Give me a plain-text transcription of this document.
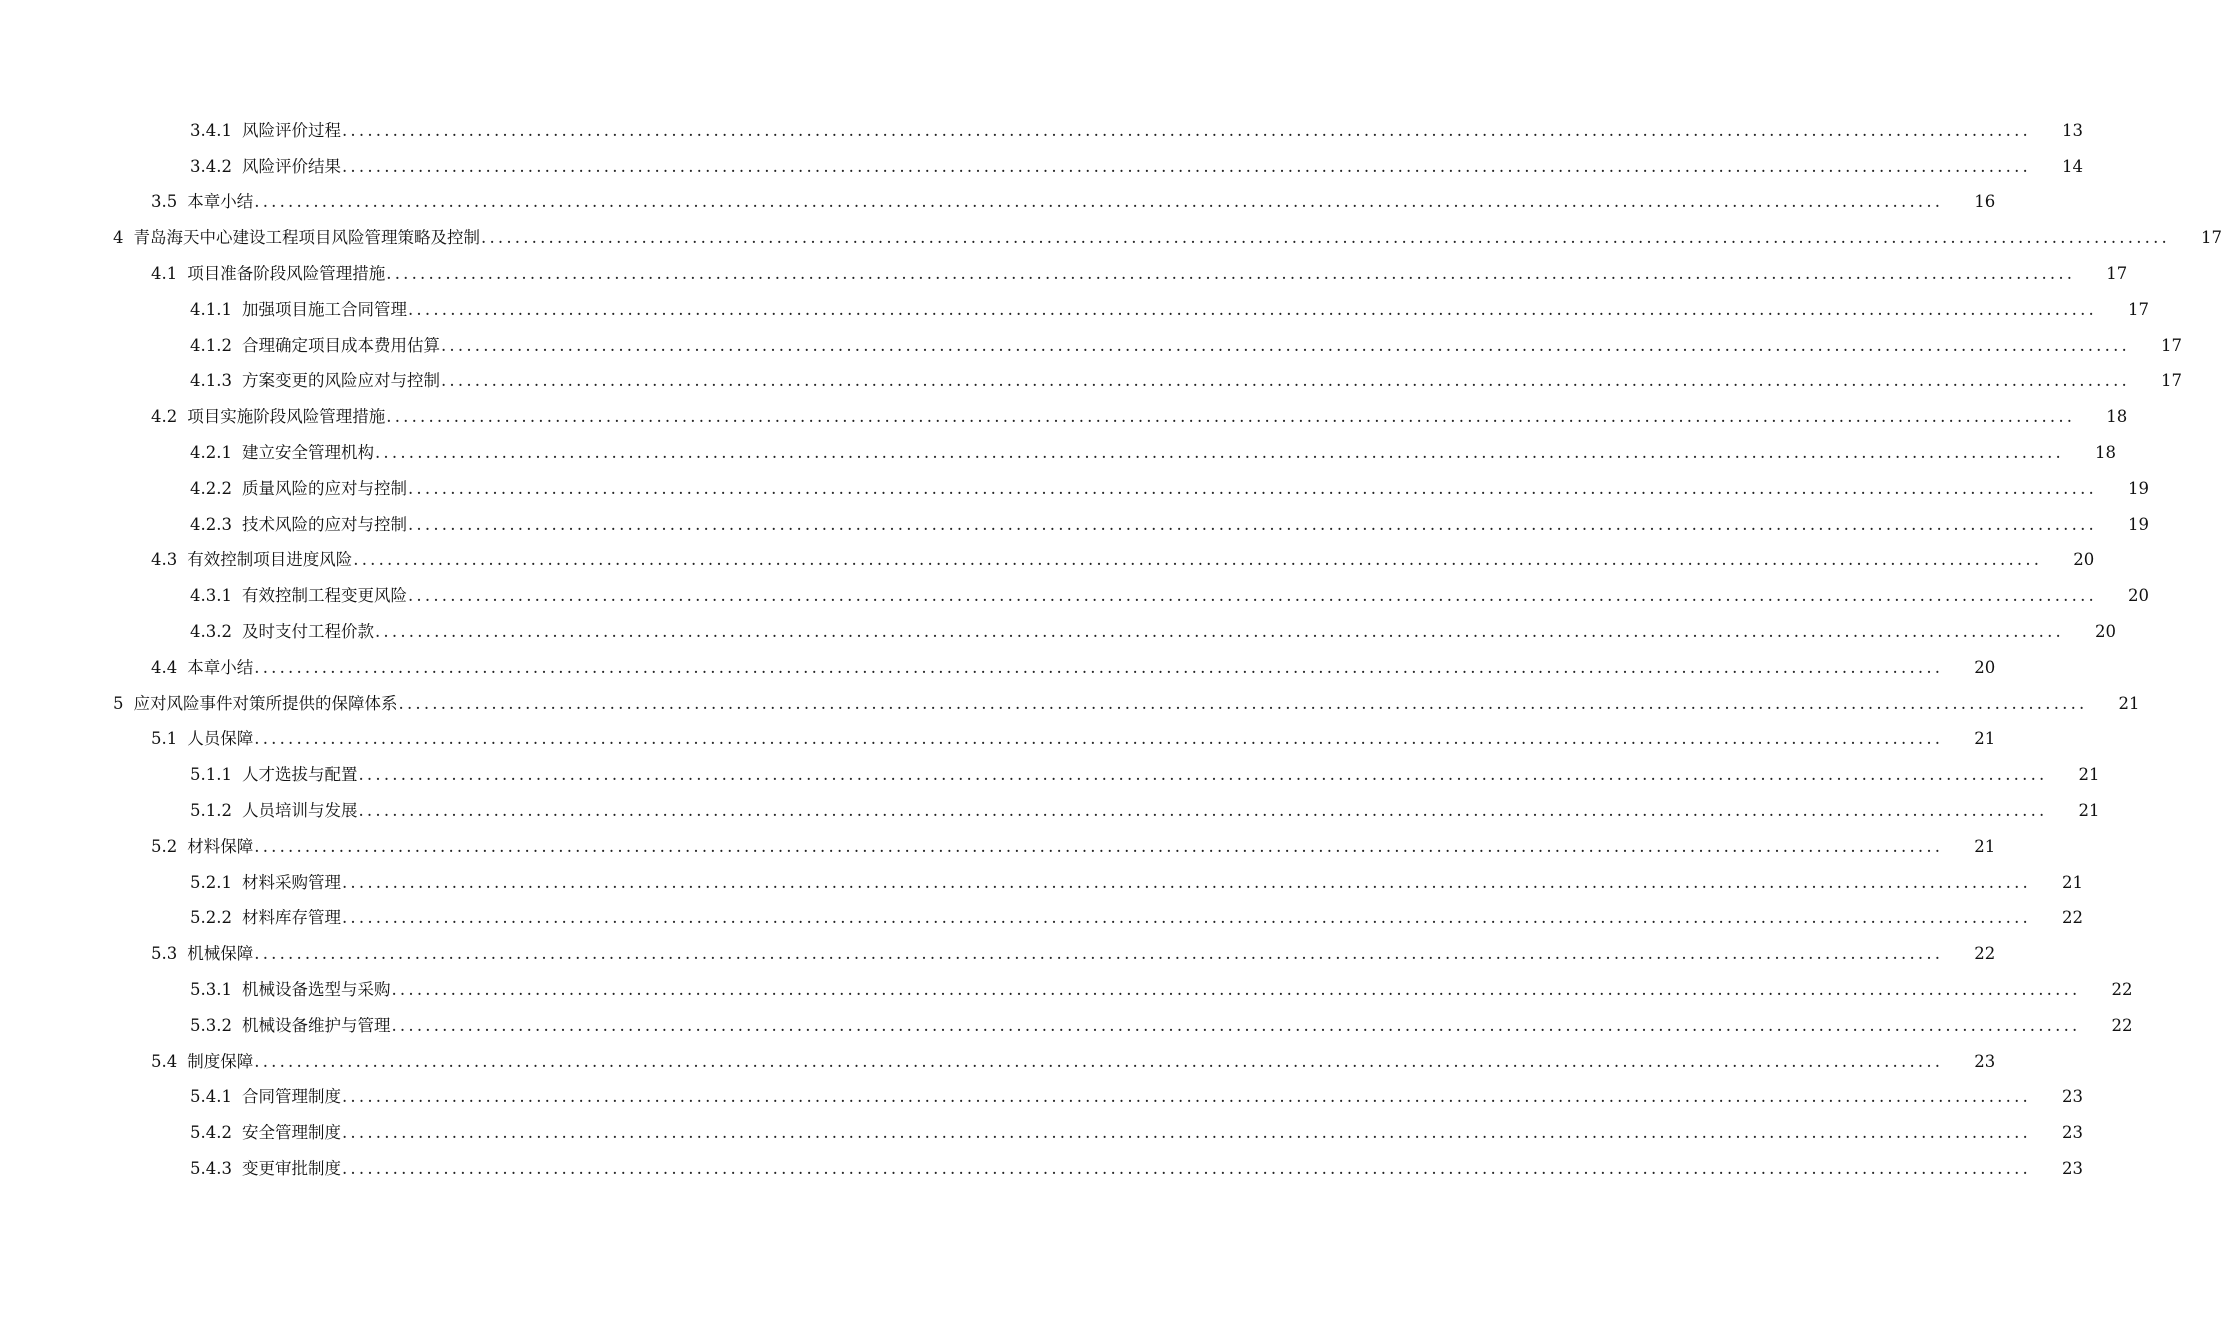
3.4.1 风险评价过程 ........................................................................................................................................................................................................	13
3.4.2 风险评价结果 ........................................................................................................................................................................................................	14
3.5 本章小结 ........................................................................................................................................................................................................	16
4 青岛海天中心建设工程项目风险管理策略及控制 ........................................................................................................................................................................................................	17
4.1 项目准备阶段风险管理措施 ........................................................................................................................................................................................................	17
4.1.1 加强项目施工合同管理 ........................................................................................................................................................................................................	17
4.1.2 合理确定项目成本费用估算 ........................................................................................................................................................................................................	17
4.1.3 方案变更的风险应对与控制 ........................................................................................................................................................................................................	17
4.2 项目实施阶段风险管理措施 ........................................................................................................................................................................................................	18
4.2.1 建立安全管理机构 ........................................................................................................................................................................................................	18
4.2.2 质量风险的应对与控制 ........................................................................................................................................................................................................	19
4.2.3 技术风险的应对与控制 ........................................................................................................................................................................................................	19
4.3 有效控制项目进度风险 ........................................................................................................................................................................................................	20
4.3.1 有效控制工程变更风险 ........................................................................................................................................................................................................	20
4.3.2 及时支付工程价款 ........................................................................................................................................................................................................	20
4.4 本章小结 ........................................................................................................................................................................................................	20
5 应对风险事件对策所提供的保障体系 ........................................................................................................................................................................................................	21
5.1 人员保障 ........................................................................................................................................................................................................	21
5.1.1 人才选拔与配置 ........................................................................................................................................................................................................	21
5.1.2 人员培训与发展 ........................................................................................................................................................................................................	21
5.2 材料保障 ........................................................................................................................................................................................................	21
5.2.1 材料采购管理 ........................................................................................................................................................................................................	21
5.2.2 材料库存管理 ........................................................................................................................................................................................................	22
5.3 机械保障 ........................................................................................................................................................................................................	22
5.3.1 机械设备选型与采购 ........................................................................................................................................................................................................	22
5.3.2 机械设备维护与管理 ........................................................................................................................................................................................................	22
5.4 制度保障 ........................................................................................................................................................................................................	23
5.4.1 合同管理制度 ........................................................................................................................................................................................................	23
5.4.2 安全管理制度 ........................................................................................................................................................................................................	23
5.4.3 变更审批制度 ........................................................................................................................................................................................................	23
